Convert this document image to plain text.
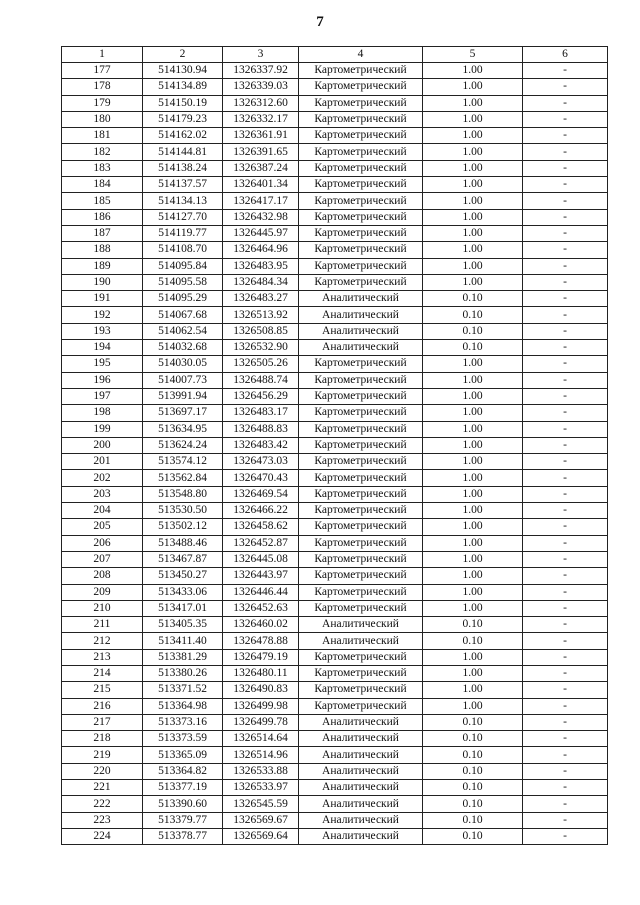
7
1	2	3	4	5	6
177	514130.94	1326337.92	Картометрический	1.00	-
178	514134.89	1326339.03	Картометрический	1.00	-
179	514150.19	1326312.60	Картометрический	1.00	-
180	514179.23	1326332.17	Картометрический	1.00	-
181	514162.02	1326361.91	Картометрический	1.00	-
182	514144.81	1326391.65	Картометрический	1.00	-
183	514138.24	1326387.24	Картометрический	1.00	-
184	514137.57	1326401.34	Картометрический	1.00	-
185	514134.13	1326417.17	Картометрический	1.00	-
186	514127.70	1326432.98	Картометрический	1.00	-
187	514119.77	1326445.97	Картометрический	1.00	-
188	514108.70	1326464.96	Картометрический	1.00	-
189	514095.84	1326483.95	Картометрический	1.00	-
190	514095.58	1326484.34	Картометрический	1.00	-
191	514095.29	1326483.27	Аналитический	0.10	-
192	514067.68	1326513.92	Аналитический	0.10	-
193	514062.54	1326508.85	Аналитический	0.10	-
194	514032.68	1326532.90	Аналитический	0.10	-
195	514030.05	1326505.26	Картометрический	1.00	-
196	514007.73	1326488.74	Картометрический	1.00	-
197	513991.94	1326456.29	Картометрический	1.00	-
198	513697.17	1326483.17	Картометрический	1.00	-
199	513634.95	1326488.83	Картометрический	1.00	-
200	513624.24	1326483.42	Картометрический	1.00	-
201	513574.12	1326473.03	Картометрический	1.00	-
202	513562.84	1326470.43	Картометрический	1.00	-
203	513548.80	1326469.54	Картометрический	1.00	-
204	513530.50	1326466.22	Картометрический	1.00	-
205	513502.12	1326458.62	Картометрический	1.00	-
206	513488.46	1326452.87	Картометрический	1.00	-
207	513467.87	1326445.08	Картометрический	1.00	-
208	513450.27	1326443.97	Картометрический	1.00	-
209	513433.06	1326446.44	Картометрический	1.00	-
210	513417.01	1326452.63	Картометрический	1.00	-
211	513405.35	1326460.02	Аналитический	0.10	-
212	513411.40	1326478.88	Аналитический	0.10	-
213	513381.29	1326479.19	Картометрический	1.00	-
214	513380.26	1326480.11	Картометрический	1.00	-
215	513371.52	1326490.83	Картометрический	1.00	-
216	513364.98	1326499.98	Картометрический	1.00	-
217	513373.16	1326499.78	Аналитический	0.10	-
218	513373.59	1326514.64	Аналитический	0.10	-
219	513365.09	1326514.96	Аналитический	0.10	-
220	513364.82	1326533.88	Аналитический	0.10	-
221	513377.19	1326533.97	Аналитический	0.10	-
222	513390.60	1326545.59	Аналитический	0.10	-
223	513379.77	1326569.67	Аналитический	0.10	-
224	513378.77	1326569.64	Аналитический	0.10	-
